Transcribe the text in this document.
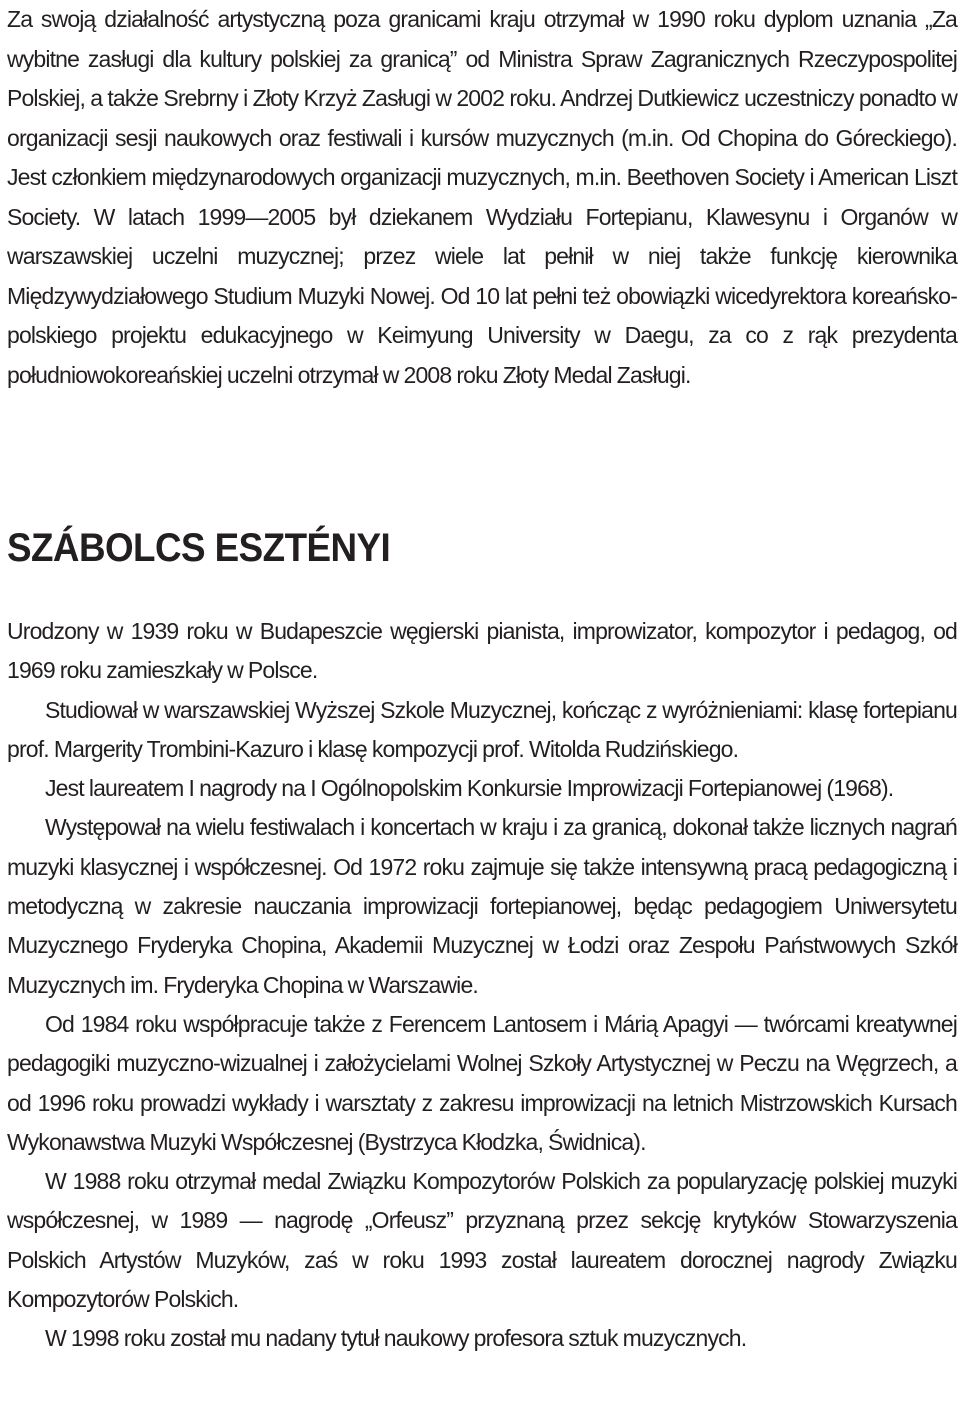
Za swoją działalność artystyczną poza granicami kraju otrzymał w 1990 roku dyplom uznania „Za wybitne zasługi dla kultury polskiej za granicą” od Ministra Spraw Zagranicznych Rzeczypospolitej Polskiej, a także Srebrny i Złoty Krzyż Zasługi w 2002 roku. Andrzej Dutkiewicz uczestniczy ponadto w organizacji sesji naukowych oraz festiwali i kursów muzycznych (m.in. Od Chopina do Góreckiego). Jest członkiem międzynarodowych organizacji muzycznych, m.in. Beethoven Society i American Liszt Society. W latach 1999—2005 był dziekanem Wydziału Fortepianu, Klawesynu i Organów w warszawskiej uczelni muzycznej; przez wiele lat pełnił w niej także funkcję kierownika Międzywydziałowego Studium Muzyki Nowej. Od 10 lat pełni też obowiązki wicedyrektora koreańsko-polskiego projektu edukacyjnego w Keimyung University w Daegu, za co z rąk prezydenta południowokoreańskiej uczelni otrzymał w 2008 roku Złoty Medal Zasługi.

SZÁBOLCS ESZTÉNYI

Urodzony w 1939 roku w Budapeszcie węgierski pianista, improwizator, kompozytor i pedagog, od 1969 roku zamieszkały w Polsce.

Studiował w warszawskiej Wyższej Szkole Muzycznej, kończąc z wyróżnieniami: klasę fortepianu prof. Margerity Trombini-Kazuro i klasę kompozycji prof. Witolda Rudzińskiego.

Jest laureatem I nagrody na I Ogólnopolskim Konkursie Improwizacji Fortepianowej (1968).

Występował na wielu festiwalach i koncertach w kraju i za granicą, dokonał także licznych nagrań muzyki klasycznej i współczesnej. Od 1972 roku zajmuje się także intensywną pracą pedagogiczną i metodyczną w zakresie nauczania improwizacji fortepianowej, będąc pedagogiem Uniwersytetu Muzycznego Fryderyka Chopina, Akademii Muzycznej w Łodzi oraz Zespołu Państwowych Szkół Muzycznych im. Fryderyka Chopina w Warszawie.

Od 1984 roku współpracuje także z Ferencem Lantosem i Márią Apagyi — twórcami kreatywnej pedagogiki muzyczno-wizualnej i założycielami Wolnej Szkoły Artystycznej w Peczu na Węgrzech, a od 1996 roku prowadzi wykłady i warsztaty z zakresu improwizacji na letnich Mistrzowskich Kursach Wykonawstwa Muzyki Współczesnej (Bystrzyca Kłodzka, Świdnica).

W 1988 roku otrzymał medal Związku Kompozytorów Polskich za popularyzację polskiej muzyki współczesnej, w 1989 — nagrodę „Orfeusz” przyznaną przez sekcję krytyków Stowarzyszenia Polskich Artystów Muzyków, zaś w roku 1993 został laureatem dorocznej nagrody Związku Kompozytorów Polskich.

W 1998 roku został mu nadany tytuł naukowy profesora sztuk muzycznych.
